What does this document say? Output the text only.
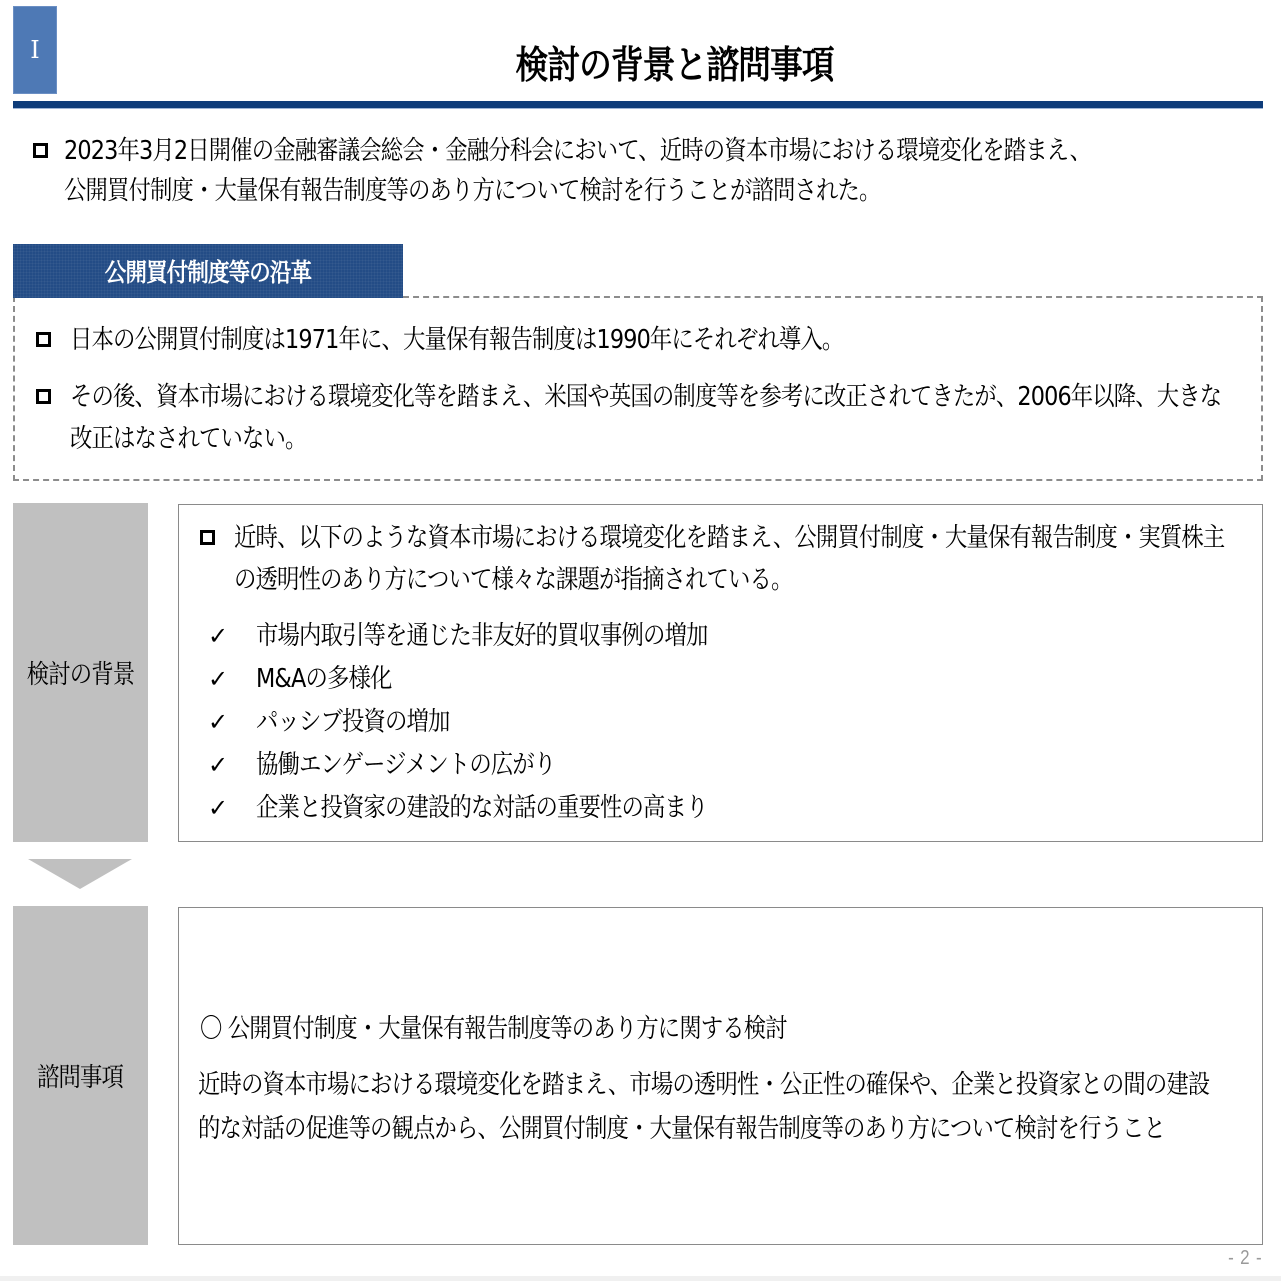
Ⅰ	検討の背景と諮問事項
2023年3月2日開催の金融審議会総会・金融分科会において、近時の資本市場における環境変化を踏まえ、
公開買付制度・大量保有報告制度等のあり方について検討を行うことが諮問された。
公開買付制度等の沿革
日本の公開買付制度は1971年に、大量保有報告制度は1990年にそれぞれ導入。
その後、資本市場における環境変化等を踏まえ、米国や英国の制度等を参考に改正されてきたが、2006年以降、大きな
改正はなされていない。
検討の背景
近時、以下のような資本市場における環境変化を踏まえ、公開買付制度・大量保有報告制度・実質株主
の透明性のあり方について様々な課題が指摘されている。
✓ 市場内取引等を通じた非友好的買収事例の増加
✓ M&Aの多様化
✓ パッシブ投資の増加
✓ 協働エンゲージメントの広がり
✓ 企業と投資家の建設的な対話の重要性の高まり
諮問事項
〇 公開買付制度・大量保有報告制度等のあり方に関する検討
近時の資本市場における環境変化を踏まえ、市場の透明性・公正性の確保や、企業と投資家との間の建設
的な対話の促進等の観点から、公開買付制度・大量保有報告制度等のあり方について検討を行うこと
- 2 -
